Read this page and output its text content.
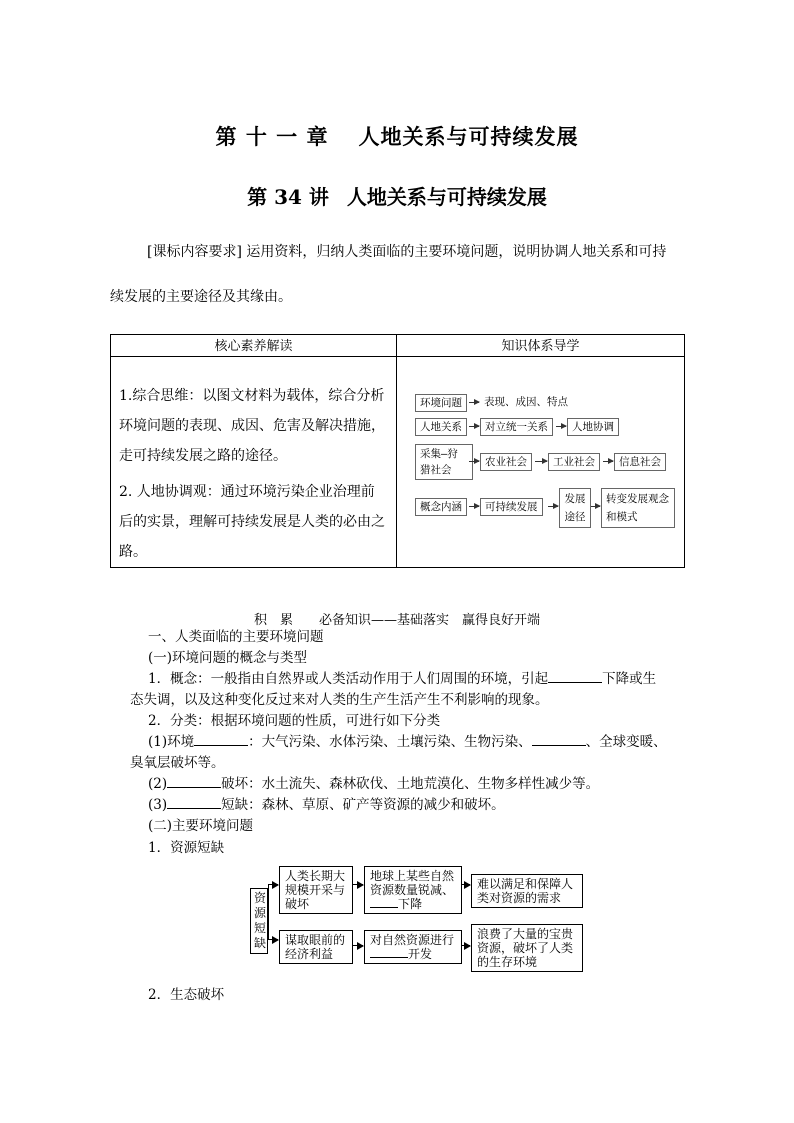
第 十 一 章 人地关系与可持续发展
第 34 讲 人地关系与可持续发展
[课标内容要求] 运用资料，归纳人类面临的主要环境问题，说明协调人地关系和可持
续发展的主要途径及其缘由。
核心素养解读	知识体系导学

1.综合思维：以图文材料为载体，综合分析环境问题的表现、成因、危害及解决措施，走可持续发展之路的途径。

2. 人地协调观：通过环境污染企业治理前后的实景，理解可持续发展是人类的必由之路。	

环境问题	表现、成因、特点
人地关系	对立统一关系	人地协调
采集—狩猎社会
农业社会	工业社会	信息社会
概念内涵	可持续发展
发展途径
转变发展观念和模式
积　累　　必备知识——基础落实　赢得良好开端
一、人类面临的主要环境问题
(一)环境问题的概念与类型
1．概念：一般指由自然界或人类活动作用于人们周围的环境，引起	下降或生
态失调，以及这种变化反过来对人类的生产生活产生不利影响的现象。
2．分类：根据环境问题的性质，可进行如下分类
(1)环境	：大气污染、水体污染、土壤污染、生物污染、	、全球变暖、
臭氧层破坏等。
(2)	破坏：水土流失、森林砍伐、土地荒漠化、生物多样性减少等。
(3)	短缺：森林、草原、矿产等资源的减少和破坏。
(二)主要环境问题
1．资源短缺
资源短缺
人类长期大规模开采与破坏
地球上某些自然资源数量锐减、下降
难以满足和保障人类对资源的需求
谋取眼前的经济利益
对自然资源进行开发
浪费了大量的宝贵资源，破坏了人类的生存环境
2．生态破坏
